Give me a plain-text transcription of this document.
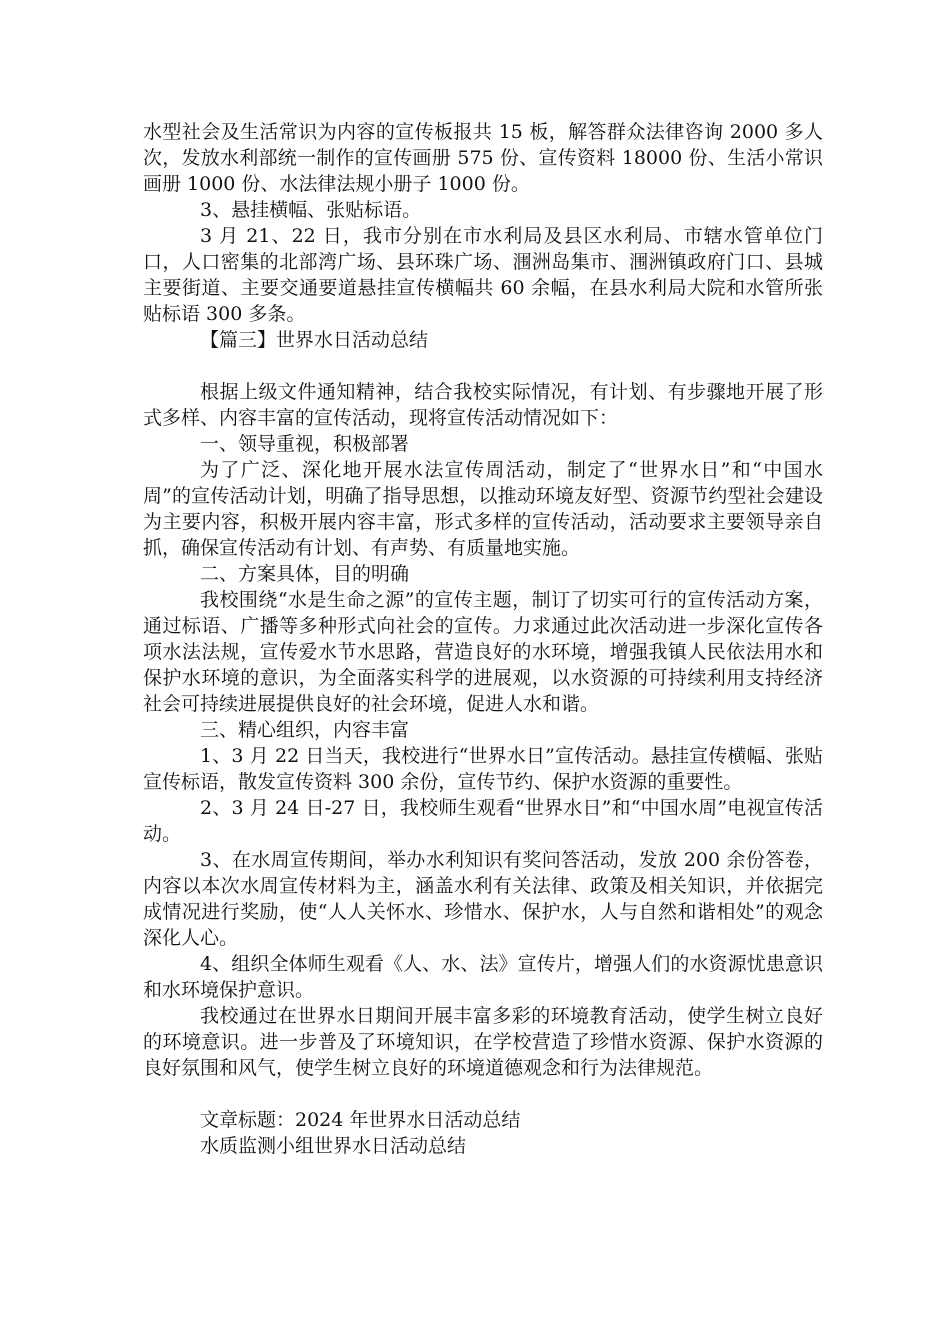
水型社会及生活常识为内容的宣传板报共 15 板，解答群众法律咨询 2000 多人次，发放水利部统一制作的宣传画册 575 份、宣传资料 18000 份、生活小常识画册 1000 份、水法律法规小册子 1000 份。

3、悬挂横幅、张贴标语。

3 月 21、22 日，我市分别在市水利局及县区水利局、市辖水管单位门口，人口密集的北部湾广场、县环珠广场、涠洲岛集市、涠洲镇政府门口、县城主要街道、主要交通要道悬挂宣传横幅共 60 余幅，在县水利局大院和水管所张贴标语 300 多条。

【篇三】世界水日活动总结

根据上级文件通知精神，结合我校实际情况，有计划、有步骤地开展了形式多样、内容丰富的宣传活动，现将宣传活动情况如下：

一、领导重视，积极部署

为了广泛、深化地开展水法宣传周活动，制定了“世界水日”和“中国水周”的宣传活动计划，明确了指导思想，以推动环境友好型、资源节约型社会建设为主要内容，积极开展内容丰富，形式多样的宣传活动，活动要求主要领导亲自抓，确保宣传活动有计划、有声势、有质量地实施。

二、方案具体，目的明确

我校围绕“水是生命之源”的宣传主题，制订了切实可行的宣传活动方案，通过标语、广播等多种形式向社会的宣传。力求通过此次活动进一步深化宣传各项水法法规，宣传爱水节水思路，营造良好的水环境，增强我镇人民依法用水和保护水环境的意识，为全面落实科学的进展观，以水资源的可持续利用支持经济社会可持续进展提供良好的社会环境，促进人水和谐。

三、精心组织，内容丰富

1、3 月 22 日当天，我校进行“世界水日”宣传活动。悬挂宣传横幅、张贴宣传标语，散发宣传资料 300 余份，宣传节约、保护水资源的重要性。

2、3 月 24 日-27 日，我校师生观看“世界水日”和“中国水周”电视宣传活动。

3、在水周宣传期间，举办水利知识有奖问答活动，发放 200 余份答卷，内容以本次水周宣传材料为主，涵盖水利有关法律、政策及相关知识，并依据完成情况进行奖励，使“人人关怀水、珍惜水、保护水，人与自然和谐相处”的观念深化人心。

4、组织全体师生观看《人、水、法》宣传片，增强人们的水资源忧患意识和水环境保护意识。

我校通过在世界水日期间开展丰富多彩的环境教育活动，使学生树立良好的环境意识。进一步普及了环境知识，在学校营造了珍惜水资源、保护水资源的良好氛围和风气，使学生树立良好的环境道德观念和行为法律规范。

文章标题：2024 年世界水日活动总结

水质监测小组世界水日活动总结
